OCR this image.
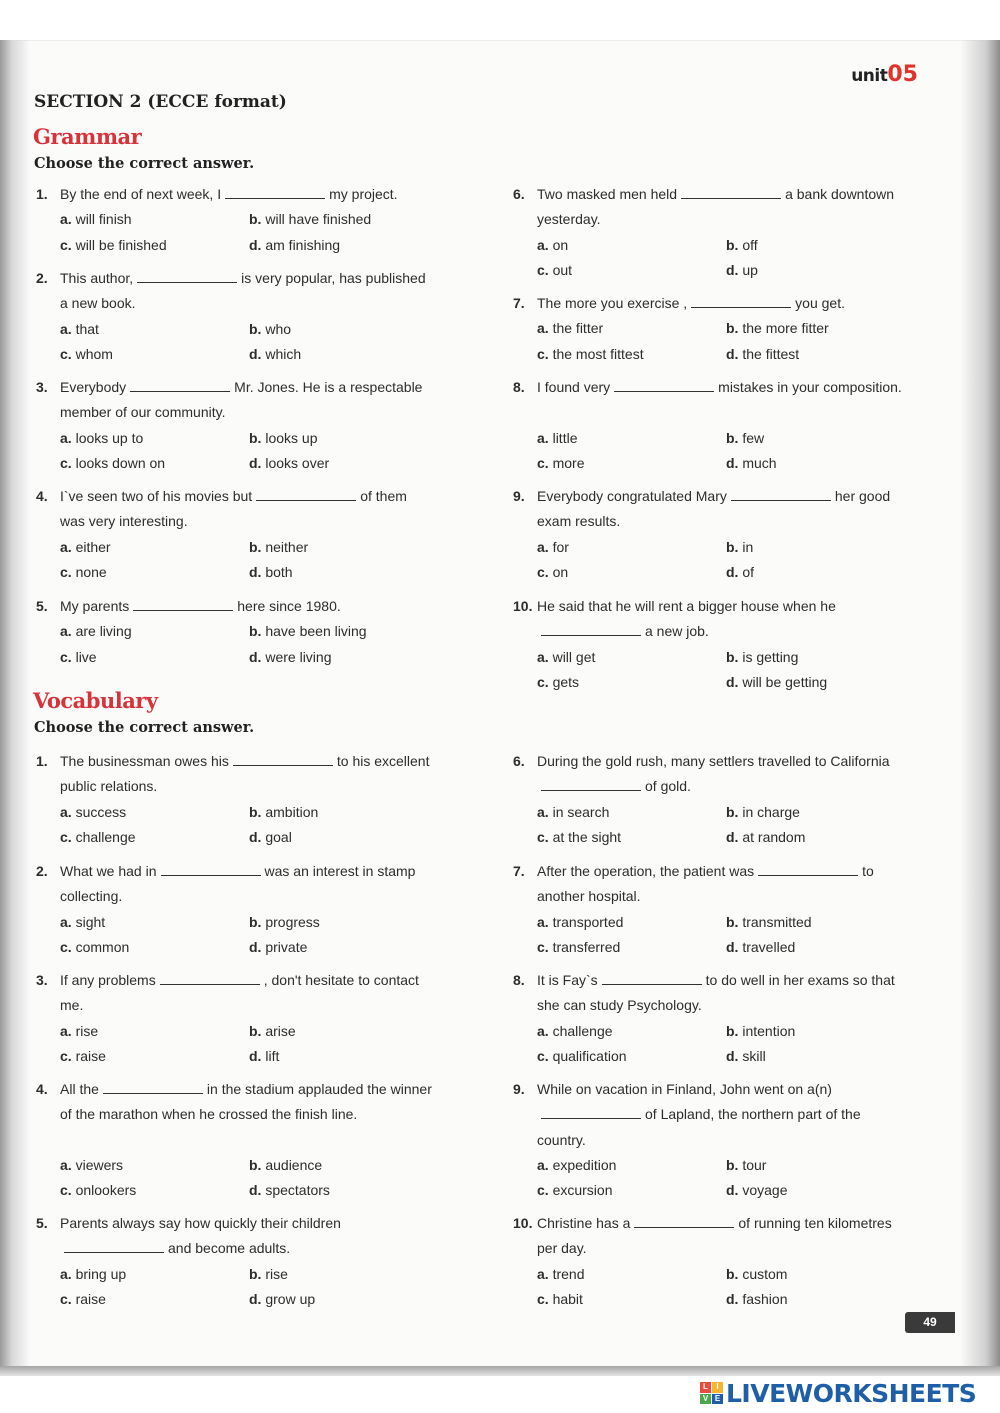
unit05
SECTION 2 (ECCE format)
Grammar
Choose the correct answer.
1. By the end of next week, I	my project.
a. will finish	b. will have finished
c. will be finished	d. am finishing
2. This author,	is very popular, has published a new book.
a. that	b. who
c. whom	d. which
3. Everybody	Mr. Jones. He is a respectable member of our community.
a. looks up to	b. looks up
c. looks down on	d. looks over
4. I`ve seen two of his movies but	of them was very interesting.
a. either	b. neither
c. none	d. both
5. My parents	here since 1980.
a. are living	b. have been living
c. live	d. were living
6. Two masked men held	a bank downtown yesterday.
a. on	b. off
c. out	d. up
7. The more you exercise ,	you get.
a. the fitter	b. the more fitter
c. the most fittest	d. the fittest
8. I found very	mistakes in your composition.
a. little	b. few
c. more	d. much
9. Everybody congratulated Mary	her good exam results.
a. for	b. in
c. on	d. of
10. He said that he will rent a bigger house when hea new job.
a. will get	b. is getting
c. gets	d. will be getting
Vocabulary
Choose the correct answer.
1. The businessman owes his	to his excellent public relations.
a. success	b. ambition
c. challenge	d. goal
2. What we had in	was an interest in stamp collecting.
a. sight	b. progress
c. common	d. private
3. If any problems	, don't hesitate to contact me.
a. rise	b. arise
c. raise	d. lift
4. All the	in the stadium applauded the winner of the marathon when he crossed the finish line.
a. viewers	b. audience
c. onlookers	d. spectators
5. Parents always say how quickly their childrenand become adults.
a. bring up	b. rise
c. raise	d. grow up
6. During the gold rush, many settlers travelled to Californiaof gold.
a. in search	b. in charge
c. at the sight	d. at random
7. After the operation, the patient was	to another hospital.
a. transported	b. transmitted
c. transferred	d. travelled
8. It is Fay`s	to do well in her exams so that she can study Psychology.
a. challenge	b. intention
c. qualification	d. skill
9. While on vacation in Finland, John went on a(n)of Lapland, the northern part of the country.
a. expedition	b. tour
c. excursion	d. voyage
10. Christine has a	of running ten kilometres per day.
a. trend	b. custom
c. habit	d. fashion
49
L	I
V E LIVEWORKSHEETS
